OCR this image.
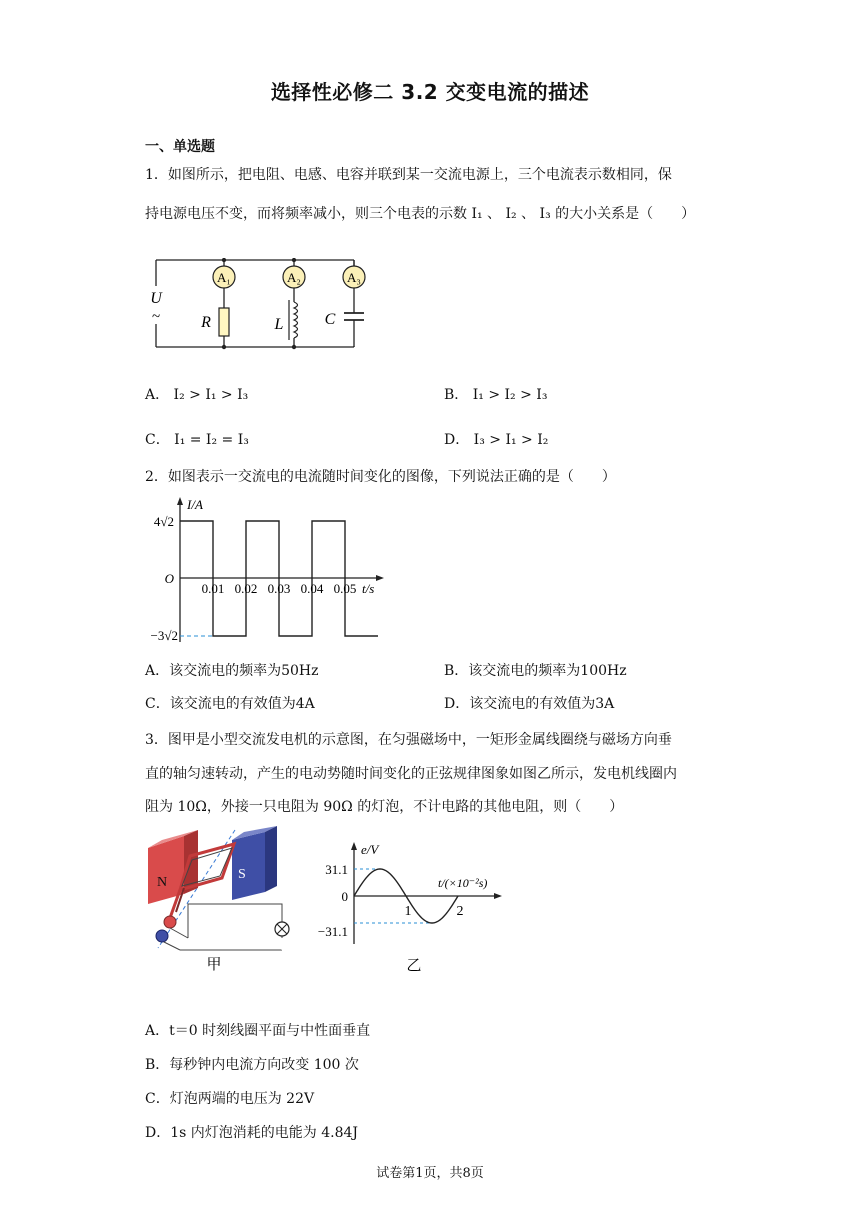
选择性必修二 3.2 交变电流的描述
一、单选题
1．如图所示，把电阻、电感、电容并联到某一交流电源上，三个电流表示数相同，保
持电源电压不变，而将频率减小，则三个电表的示数 I₁ 、 I₂ 、 I₃ 的大小关系是（　　）
A₁	A₂	A₃
U
~	R	L	C
A． I₂ > I₁ > I₃	B． I₁ > I₂ > I₃
C． I₁ = I₂ = I₃	D． I₃ > I₁ > I₂
2．如图表示一交流电的电流随时间变化的图像，下列说法正确的是（　　）
I/A
t/s
4√2
O
−3√2
0.01 0.02 0.03 0.04 0.05
A．该交流电的频率为50Hz	B．该交流电的频率为100Hz
C．该交流电的有效值为4A	D．该交流电的有效值为3A
3．图甲是小型交流发电机的示意图，在匀强磁场中，一矩形金属线圈绕与磁场方向垂
直的轴匀速转动，产生的电动势随时间变化的正弦规律图象如图乙所示，发电机线圈内
阻为 10Ω，外接一只电阻为 90Ω 的灯泡，不计电路的其他电阻，则（　　）
N
S
甲
e/V
t/(×10⁻²s)
31.1
0
−31.1
1	2
乙
A．t＝0 时刻线圈平面与中性面垂直
B．每秒钟内电流方向改变 100 次
C．灯泡两端的电压为 22V
D．1s 内灯泡消耗的电能为 4.84J
试卷第1页，共8页
